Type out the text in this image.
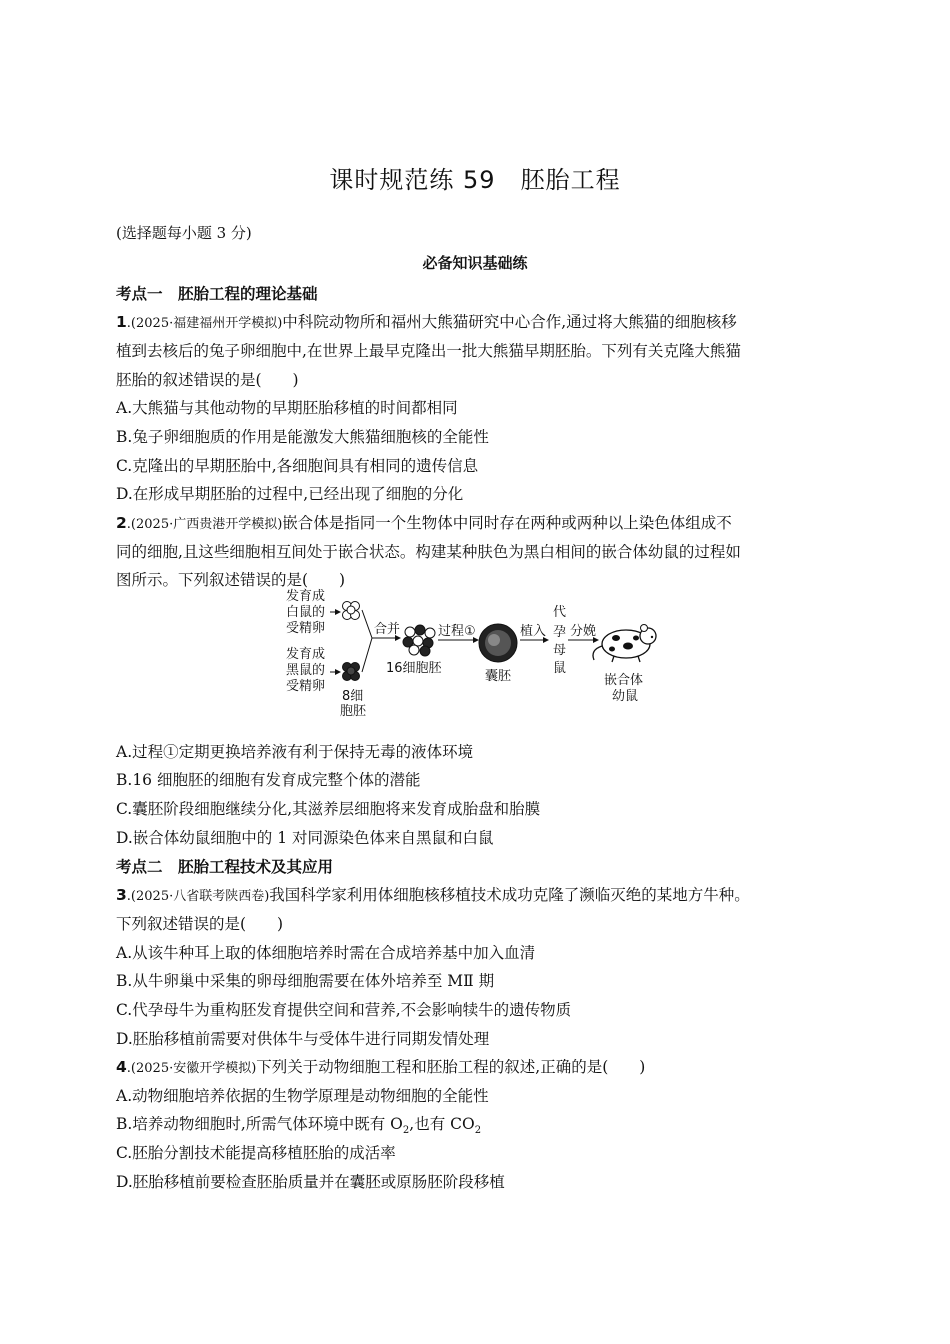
课时规范练 59　胚胎工程
(选择题每小题 3 分)
必备知识基础练
考点一　胚胎工程的理论基础
1.(2025·福建福州开学模拟)中科院动物所和福州大熊猫研究中心合作,通过将大熊猫的细胞核移
植到去核后的兔子卵细胞中,在世界上最早克隆出一批大熊猫早期胚胎。下列有关克隆大熊猫
胚胎的叙述错误的是(　　)
A.大熊猫与其他动物的早期胚胎移植的时间都相同
B.兔子卵细胞质的作用是能激发大熊猫细胞核的全能性
C.克隆出的早期胚胎中,各细胞间具有相同的遗传信息
D.在形成早期胚胎的过程中,已经出现了细胞的分化
2.(2025·广西贵港开学模拟)嵌合体是指同一个生物体中同时存在两种或两种以上染色体组成不
同的细胞,且这些细胞相互间处于嵌合状态。构建某种肤色为黑白相间的嵌合体幼鼠的过程如
图所示。下列叙述错误的是(　　)
发育成
白鼠的
受精卵
发育成
黑鼠的
受精卵
8细
胞胚
合并
16细胞胚
过程①
囊胚
植入
代
孕
母
鼠
分娩
嵌合体
幼鼠
A.过程①定期更换培养液有利于保持无毒的液体环境
B.16 细胞胚的细胞有发育成完整个体的潜能
C.囊胚阶段细胞继续分化,其滋养层细胞将来发育成胎盘和胎膜
D.嵌合体幼鼠细胞中的 1 对同源染色体来自黑鼠和白鼠
考点二　胚胎工程技术及其应用
3.(2025·八省联考陕西卷)我国科学家利用体细胞核移植技术成功克隆了濒临灭绝的某地方牛种。
下列叙述错误的是(　　)
A.从该牛种耳上取的体细胞培养时需在合成培养基中加入血清
B.从牛卵巢中采集的卵母细胞需要在体外培养至 MⅡ 期
C.代孕母牛为重构胚发育提供空间和营养,不会影响犊牛的遗传物质
D.胚胎移植前需要对供体牛与受体牛进行同期发情处理
4.(2025·安徽开学模拟)下列关于动物细胞工程和胚胎工程的叙述,正确的是(　　)
A.动物细胞培养依据的生物学原理是动物细胞的全能性
B.培养动物细胞时,所需气体环境中既有 $O_2$,也有 $CO_2$
C.胚胎分割技术能提高移植胚胎的成活率
D.胚胎移植前要检查胚胎质量并在囊胚或原肠胚阶段移植
